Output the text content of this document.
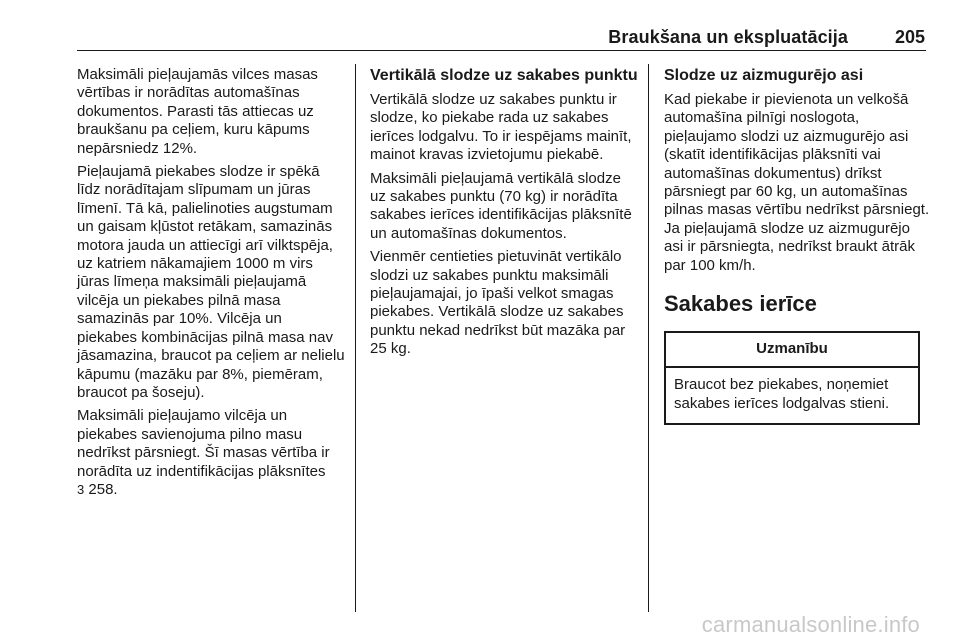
Braukšana un ekspluatācija	205

Maksimāli pieļaujamās vilces masas vērtības ir norādītas automašīnas dokumentos. Parasti tās attiecas uz braukšanu pa ceļiem, kuru kāpums nepārsniedz 12%.

Pieļaujamā piekabes slodze ir spēkā līdz norādītajam slīpumam un jūras līmenī. Tā kā, palielinoties augstumam un gaisam kļūstot retākam, samazinās motora jauda un attiecīgi arī vilktspēja, uz katriem nākamajiem 1000 m virs jūras līmeņa maksimāli pieļaujamā vilcēja un piekabes pilnā masa samazinās par 10%. Vilcēja un piekabes kombinācijas pilnā masa nav jāsamazina, braucot pa ceļiem ar nelielu kāpumu (mazāku par 8%, piemēram, braucot pa šoseju).

Maksimāli pieļaujamo vilcēja un piekabes savienojuma pilno masu nedrīkst pārsniegt. Šī masas vērtība ir norādīta uz indentifikācijas plāksnītes
3 258.

Vertikālā slodze uz sakabes punktu

Vertikālā slodze uz sakabes punktu ir slodze, ko piekabe rada uz sakabes ierīces lodgalvu. To ir iespējams mainīt, mainot kravas izvietojumu piekabē.

Maksimāli pieļaujamā vertikālā slodze uz sakabes punktu (70 kg) ir norādīta sakabes ierīces identifikācijas plāksnītē un automašīnas dokumentos.

Vienmēr centieties pietuvināt vertikālo slodzi uz sakabes punktu maksimāli pieļaujamajai, jo īpaši velkot smagas piekabes. Vertikālā slodze uz sakabes punktu nekad nedrīkst būt mazāka par 25 kg.

Slodze uz aizmugurējo asi

Kad piekabe ir pievienota un velkošā automašīna pilnīgi noslogota, pieļaujamo slodzi uz aizmugurējo asi (skatīt identifikācijas plāksnīti vai automašīnas dokumentus) drīkst pārsniegt par 60 kg, un automašīnas pilnas masas vērtību nedrīkst pārsniegt. Ja pieļaujamā slodze uz aizmugurējo asi ir pārsniegta, nedrīkst braukt ātrāk par 100 km/h.

Sakabes ierīce
Uzmanību
Braucot bez piekabes, noņemiet sakabes ierīces lodgalvas stieni.
carmanualsonline.info
